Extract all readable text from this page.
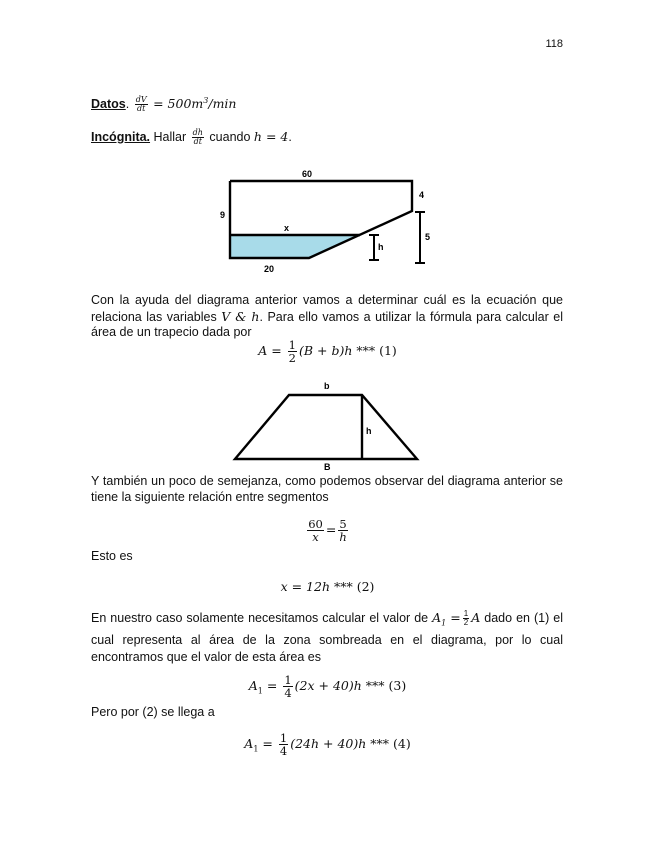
118
Datos. $\frac{dV}{dt} = 500m^3/\min$
Incógnita. Hallar $\frac{dh}{dt}$ cuando h = 4.
60
4
9
x
h
5
20
Con la ayuda del diagrama anterior vamos a determinar cuál es la ecuación que relaciona las variables V & h. Para ello vamos a utilizar la fórmula para calcular el área de un trapecio dada por
$A = \frac{1}{2} (B + b)h$ *** (1)
b
h
B
Y también un poco de semejanza, como podemos observar del diagrama anterior se tiene la siguiente relación entre segmentos
$\frac{60}{x} = \frac{5}{h}$
Esto es
x = 12h *** (2)
En nuestro caso solamente necesitamos calcular el valor de $A_1 = \frac{1}{2}$ A dado en (1) el cual representa al área de la zona sombreada en el diagrama, por lo cual encontramos que el valor de esta área es
$A_1 = \frac{1}{4} (2x + 40)h$ *** (3)
Pero por (2) se llega a
$A_1 = \frac{1}{4} (24h + 40)h$ *** (4)
